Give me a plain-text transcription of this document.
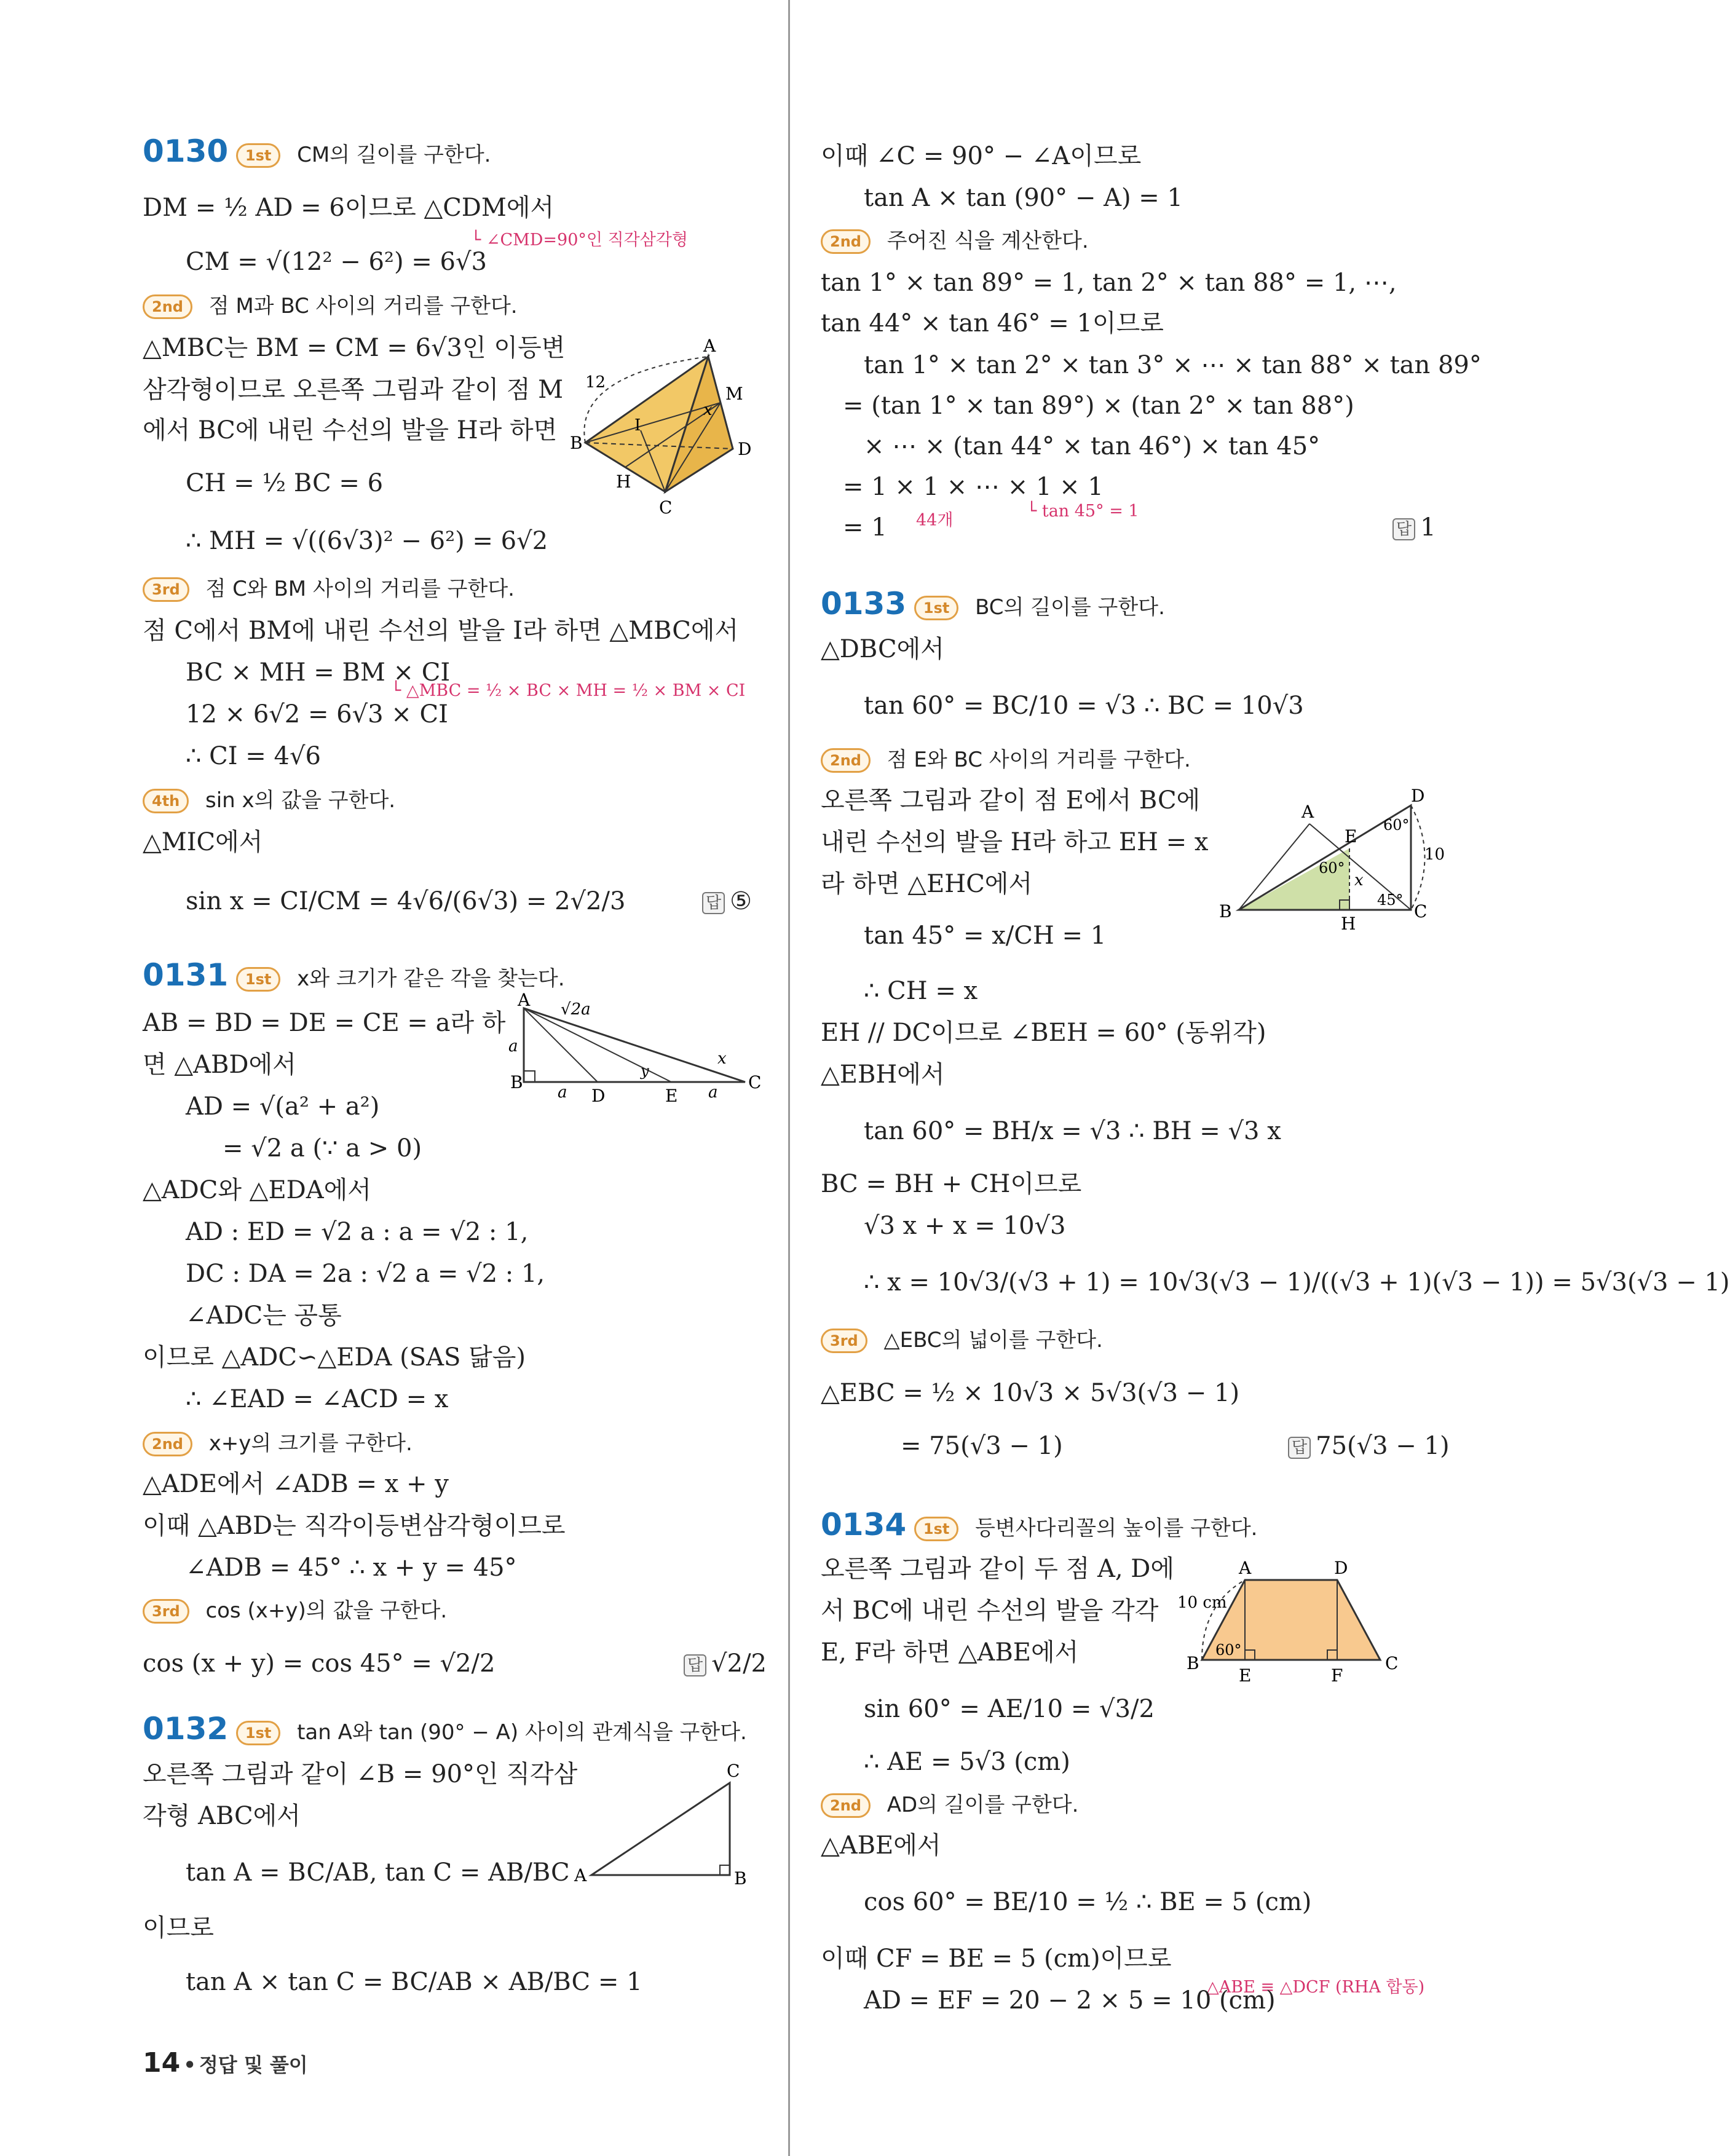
0130 1st CM의 길이를 구한다.
DM = ½ AD = 6이므로 △CDM에서
└ ∠CMD=90°인 직각삼각형
CM = √(12² − 6²) = 6√3
2nd 점 M과 BC 사이의 거리를 구한다.
△MBC는 BM = CM = 6√3인 이등변
삼각형이므로 오른쪽 그림과 같이 점 M
에서 BC에 내린 수선의 발을 H라 하면
CH = ½ BC = 6
∴ MH = √((6√3)² − 6²) = 6√2
A
B
C
D
M
H
I
x
12
3rd 점 C와 BM 사이의 거리를 구한다.
점 C에서 BM에 내린 수선의 발을 I라 하면 △MBC에서
BC × MH = BM × CI
└ △MBC = ½ × BC × MH = ½ × BM × CI
12 × 6√2 = 6√3 × CI
∴ CI = 4√6
4th sin x의 값을 구한다.
△MIC에서
sin x = CI/CM = 4√6/(6√3) = 2√2/3	답 ⑤
0131 1st x와 크기가 같은 각을 찾는다.
AB = BD = DE = CE = a라 하
면 △ABD에서
AD = √(a² + a²)
= √2 a (∵ a > 0)
A
B	C
D	E
a
a	a
√2a
x
y
△ADC와 △EDA에서
AD : ED = √2 a : a = √2 : 1,
DC : DA = 2a : √2 a = √2 : 1,
∠ADC는 공통
이므로 △ADC∽△EDA (SAS 닮음)
∴ ∠EAD = ∠ACD = x
2nd x+y의 크기를 구한다.
△ADE에서 ∠ADB = x + y
이때 △ABD는 직각이등변삼각형이므로
∠ADB = 45° ∴ x + y = 45°
3rd cos (x+y)의 값을 구한다.
cos (x + y) = cos 45° = √2/2	답 √2/2
0132 1st tan A와 tan (90° − A) 사이의 관계식을 구한다.
오른쪽 그림과 같이 ∠B = 90°인 직각삼
각형 ABC에서
tan A = BC/AB, tan C = AB/BC
이므로
tan A × tan C = BC/AB × AB/BC = 1
A	B
C
이때 ∠C = 90° − ∠A이므로
tan A × tan (90° − A) = 1
2nd 주어진 식을 계산한다.
tan 1° × tan 89° = 1, tan 2° × tan 88° = 1, ⋯,
tan 44° × tan 46° = 1이므로
tan 1° × tan 2° × tan 3° × ⋯ × tan 88° × tan 89°
= (tan 1° × tan 89°) × (tan 2° × tan 88°)
× ⋯ × (tan 44° × tan 46°) × tan 45°
= 1 × 1 × ⋯ × 1 × 1
44개	└ tan 45° = 1
= 1	답 1
0133 1st BC의 길이를 구한다.
△DBC에서
tan 60° = BC/10 = √3 ∴ BC = 10√3
2nd 점 E와 BC 사이의 거리를 구한다.
오른쪽 그림과 같이 점 E에서 BC에
내린 수선의 발을 H라 하고 EH = x
라 하면 △EHC에서
tan 45° = x/CH = 1
∴ CH = x
A
B	C
D
E
H
x
60°
60°
45°
10
EH // DC이므로 ∠BEH = 60° (동위각)
△EBH에서
tan 60° = BH/x = √3 ∴ BH = √3 x
BC = BH + CH이므로
√3 x + x = 10√3
∴ x = 10√3/(√3 + 1) = 10√3(√3 − 1)/((√3 + 1)(√3 − 1)) = 5√3(√3 − 1)
3rd △EBC의 넓이를 구한다.
△EBC = ½ × 10√3 × 5√3(√3 − 1)
= 75(√3 − 1)	답 75(√3 − 1)
0134 1st 등변사다리꼴의 높이를 구한다.
오른쪽 그림과 같이 두 점 A, D에
서 BC에 내린 수선의 발을 각각
E, F라 하면 △ABE에서
sin 60° = AE/10 = √3/2
∴ AE = 5√3 (cm)
A	D
B	C
E	F
10 cm
60°
2nd AD의 길이를 구한다.
△ABE에서
cos 60° = BE/10 = ½ ∴ BE = 5 (cm)
이때 CF = BE = 5 (cm)이므로
△ABE ≡ △DCF (RHA 합동)
AD = EF = 20 − 2 × 5 = 10 (cm)
14 • 정답 및 풀이
